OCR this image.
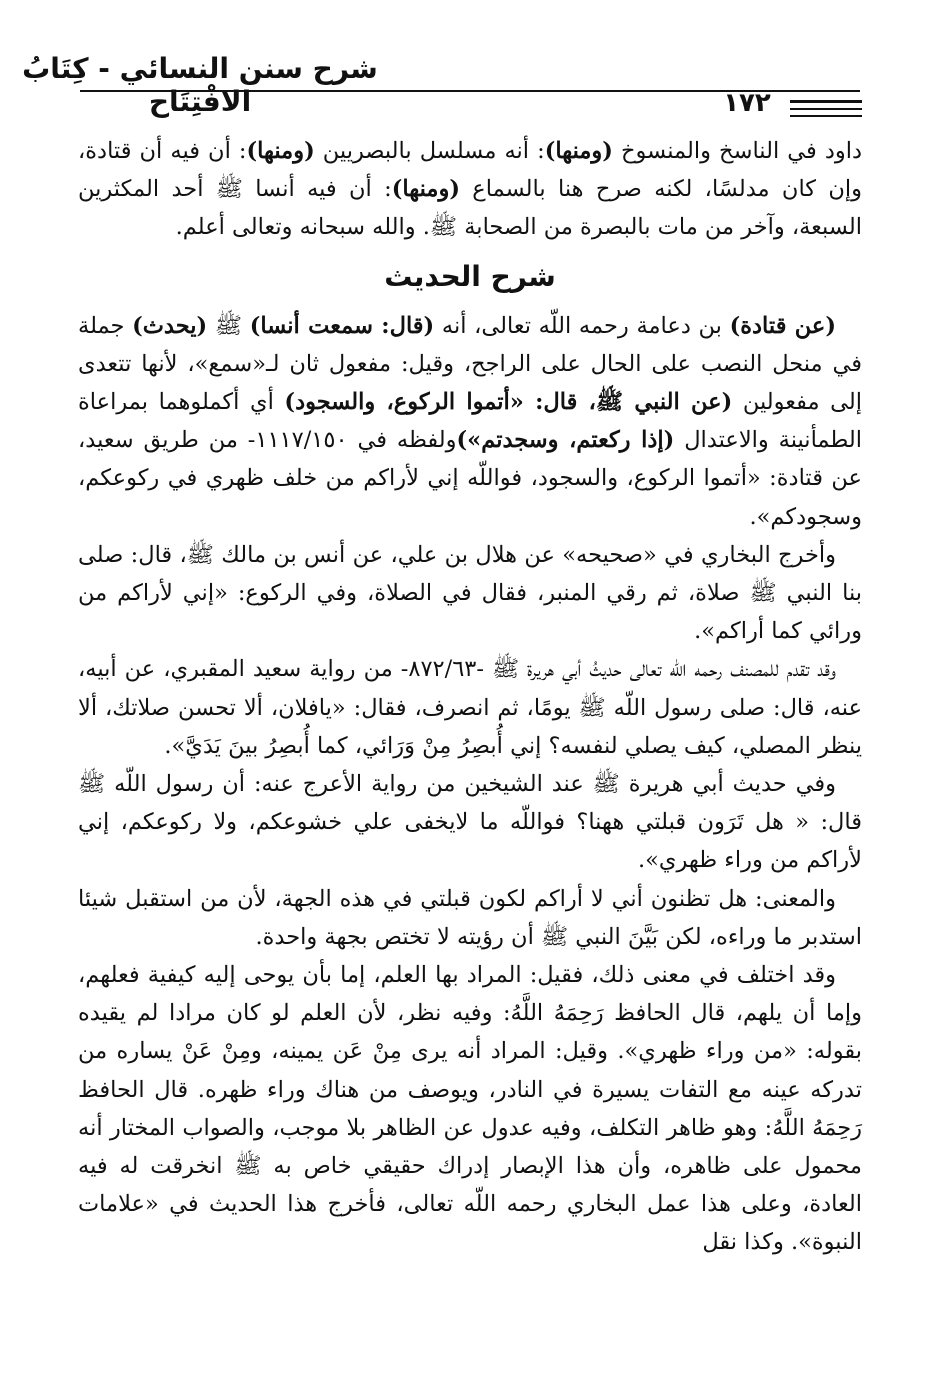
شرح سنن النسائي - كِتَابُ الافْتِتَاح	١٧٢

داود في الناسخ والمنسوخ (ومنها): أنه مسلسل بالبصريين (ومنها): أن فيه أن قتادة، وإن كان مدلسًا، لكنه صرح هنا بالسماع (ومنها): أن فيه أنسا ﷺ أحد المكثرين السبعة، وآخر من مات بالبصرة من الصحابة ﷺ. والله سبحانه وتعالى أعلم.

شرح الحديث

(عن قتادة) بن دعامة رحمه اللّه تعالى، أنه (قال: سمعت أنسا) ﷺ (يحدث) جملة في منحل النصب على الحال على الراجح، وقيل: مفعول ثان لـ«سمع»، لأنها تتعدى إلى مفعولين (عن النبي ﷺ، قال: «أتموا الركوع، والسجود) أي أكملوهما بمراعاة الطمأنينة والاعتدال (إذا ركعتم، وسجدتم»)ولفظه في ١١١٧/١٥٠- من طريق سعيد، عن قتادة: «أتموا الركوع، والسجود، فواللّه إني لأراكم من خلف ظهري في ركوعكم، وسجودكم».

وأخرج البخاري في «صحيحه» عن هلال بن علي، عن أنس بن مالك ﷺ، قال: صلى بنا النبي ﷺ صلاة، ثم رقي المنبر، فقال في الصلاة، وفي الركوع: «إني لأراكم من ورائي كما أراكم».

وقد تقدم للمصنف رحمه اللّه تعالى حديثُ أبي هريرة ﷺ -٨٧٢/٦٣- من رواية سعيد المقبري، عن أبيه، عنه، قال: صلى رسول اللّه ﷺ يومًا، ثم انصرف، فقال: «يافلان، ألا تحسن صلاتك، ألا ينظر المصلي، كيف يصلي لنفسه؟ إني أُبصِرُ مِنْ وَرَائي، كما أُبصِرُ بينَ يَدَيَّ».

وفي حديث أبي هريرة ﷺ عند الشيخين من رواية الأعرج عنه: أن رسول اللّه ﷺ قال: « هل تَرَون قبلتي ههنا؟ فواللّه ما لايخفى علي خشوعكم، ولا ركوعكم، إني لأراكم من وراء ظهري».

والمعنى: هل تظنون أني لا أراكم لكون قبلتي في هذه الجهة، لأن من استقبل شيئا استدبر ما وراءه، لكن بَيَّنَ النبي ﷺ أن رؤيته لا تختص بجهة واحدة.

وقد اختلف في معنى ذلك، فقيل: المراد بها العلم، إما بأن يوحى إليه كيفية فعلهم، وإما أن يلهم، قال الحافظ رَحِمَهُ اللَّهُ: وفيه نظر، لأن العلم لو كان مرادا لم يقيده بقوله: «من وراء ظهري». وقيل: المراد أنه يرى مِنْ عَن يمينه، ومِنْ عَنْ يساره من تدركه عينه مع التفات يسيرة في النادر، ويوصف من هناك وراء ظهره. قال الحافظ رَحِمَهُ اللَّهُ: وهو ظاهر التكلف، وفيه عدول عن الظاهر بلا موجب، والصواب المختار أنه محمول على ظاهره، وأن هذا الإبصار إدراك حقيقي خاص به ﷺ انخرقت له فيه العادة، وعلى هذا عمل البخاري رحمه اللّه تعالى، فأخرج هذا الحديث في «علامات النبوة». وكذا نقل
